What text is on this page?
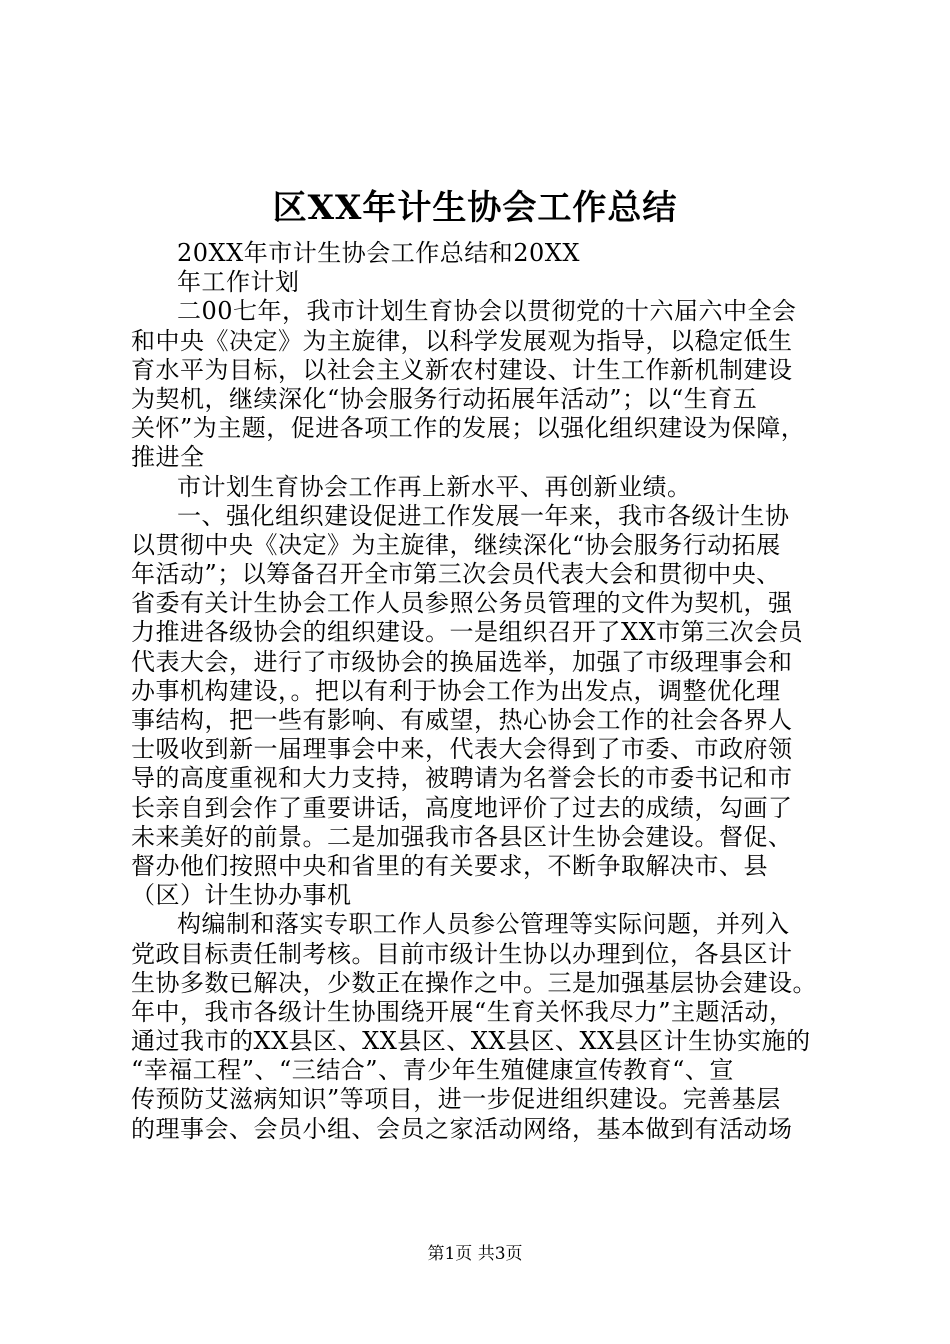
区XX年计生协会工作总结
20XX年市计生协会工作总结和20XX
年工作计划
二00七年，我市计划生育协会以贯彻党的十六届六中全会
和中央《决定》为主旋律，以科学发展观为指导，以稳定低生
育水平为目标，以社会主义新农村建设、计生工作新机制建设
为契机，继续深化“协会服务行动拓展年活动”；以“生育五
关怀”为主题，促进各项工作的发展；以强化组织建设为保障，
推进全
市计划生育协会工作再上新水平、再创新业绩。
一、强化组织建设促进工作发展一年来，我市各级计生协
以贯彻中央《决定》为主旋律，继续深化“协会服务行动拓展
年活动”；以筹备召开全市第三次会员代表大会和贯彻中央、
省委有关计生协会工作人员参照公务员管理的文件为契机，强
力推进各级协会的组织建设。一是组织召开了XX市第三次会员
代表大会，进行了市级协会的换届选举，加强了市级理事会和
办事机构建设，。把以有利于协会工作为出发点，调整优化理
事结构，把一些有影响、有威望，热心协会工作的社会各界人
士吸收到新一届理事会中来，代表大会得到了市委、市政府领
导的高度重视和大力支持，被聘请为名誉会长的市委书记和市
长亲自到会作了重要讲话，高度地评价了过去的成绩，勾画了
未来美好的前景。二是加强我市各县区计生协会建设。督促、
督办他们按照中央和省里的有关要求，不断争取解决市、县
（区）计生协办事机
构编制和落实专职工作人员参公管理等实际问题，并列入
党政目标责任制考核。目前市级计生协以办理到位，各县区计
生协多数已解决，少数正在操作之中。三是加强基层协会建设。
年中，我市各级计生协围绕开展“生育关怀我尽力”主题活动，
通过我市的XX县区、XX县区、XX县区、XX县区计生协实施的
“幸福工程”、“三结合”、青少年生殖健康宣传教育“、宣
传预防艾滋病知识”等项目，进一步促进组织建设。完善基层
的理事会、会员小组、会员之家活动网络，基本做到有活动场
第1页 共3页
